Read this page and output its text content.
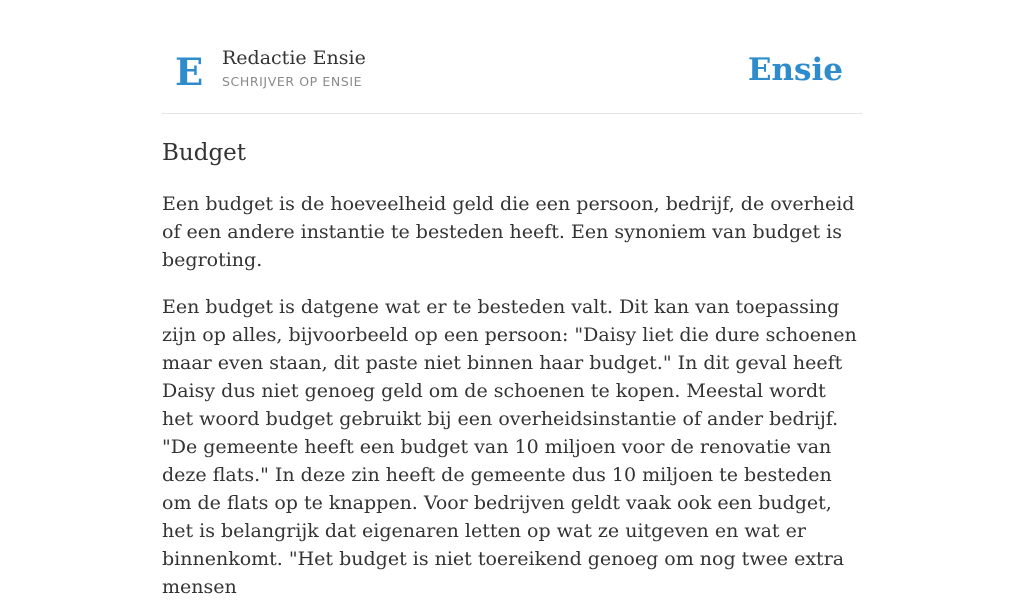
E Redactie Ensie
SCHRIJVER OP ENSIE	Ensie
Budget

Een budget is de hoeveelheid geld die een persoon, bedrijf, de overheid of een andere instantie te besteden heeft. Een synoniem van budget is begroting.

Een budget is datgene wat er te besteden valt. Dit kan van toepassing zijn op alles, bijvoorbeeld op een persoon: "Daisy liet die dure schoenen maar even staan, dit paste niet binnen haar budget." In dit geval heeft Daisy dus niet genoeg geld om de schoenen te kopen. Meestal wordt het woord budget gebruikt bij een overheidsinstantie of ander bedrijf. "De gemeente heeft een budget van 10 miljoen voor de renovatie van deze flats." In deze zin heeft de gemeente dus 10 miljoen te besteden om de flats op te knappen. Voor bedrijven geldt vaak ook een budget, het is belangrijk dat eigenaren letten op wat ze uitgeven en wat er binnenkomt. "Het budget is niet toereikend genoeg om nog twee extra mensen
